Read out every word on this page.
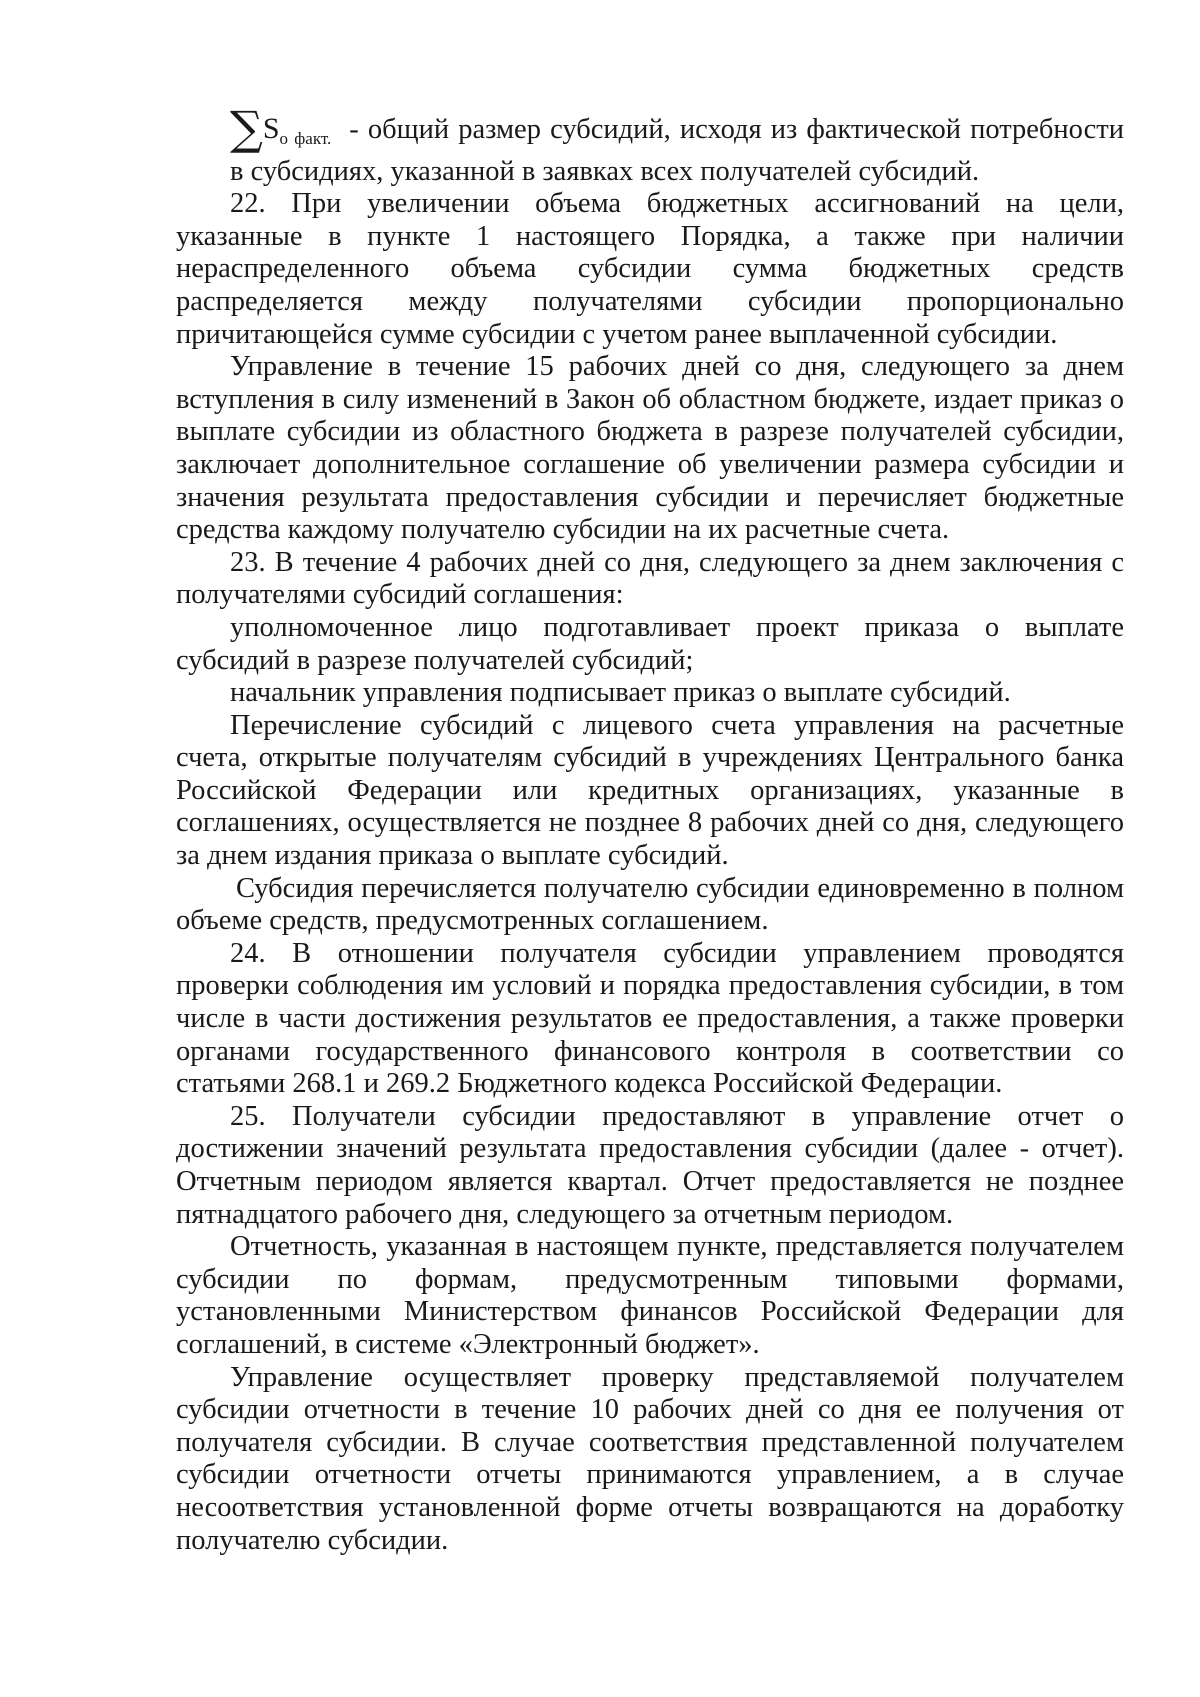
$\sum S_{о факт.}$ - общий размер субсидий, исходя из фактической потребности в субсидиях, указанной в заявках всех получателей субсидий.

22. При увеличении объема бюджетных ассигнований на цели, указанные в пункте 1 настоящего Порядка, а также при наличии нераспределенного объема субсидии сумма бюджетных средств распределяется между получателями субсидии пропорционально причитающейся сумме субсидии с учетом ранее выплаченной субсидии.

Управление в течение 15 рабочих дней со дня, следующего за днем вступления в силу изменений в Закон об областном бюджете, издает приказ о выплате субсидии из областного бюджета в разрезе получателей субсидии, заключает дополнительное соглашение об увеличении размера субсидии и значения результата предоставления субсидии и перечисляет бюджетные средства каждому получателю субсидии на их расчетные счета.

23. В течение 4 рабочих дней со дня, следующего за днем заключения с получателями субсидий соглашения:

уполномоченное лицо подготавливает проект приказа о выплате субсидий в разрезе получателей субсидий;

начальник управления подписывает приказ о выплате субсидий.

Перечисление субсидий с лицевого счета управления на расчетные счета, открытые получателям субсидий в учреждениях Центрального банка Российской Федерации или кредитных организациях, указанные в соглашениях, осуществляется не позднее 8 рабочих дней со дня, следующего за днем издания приказа о выплате субсидий.

Субсидия перечисляется получателю субсидии единовременно в полном объеме средств, предусмотренных соглашением.

24. В отношении получателя субсидии управлением проводятся проверки соблюдения им условий и порядка предоставления субсидии, в том числе в части достижения результатов ее предоставления, а также проверки органами государственного финансового контроля в соответствии со статьями 268.1 и 269.2 Бюджетного кодекса Российской Федерации.

25. Получатели субсидии предоставляют в управление отчет о достижении значений результата предоставления субсидии (далее - отчет). Отчетным периодом является квартал. Отчет предоставляется не позднее пятнадцатого рабочего дня, следующего за отчетным периодом.

Отчетность, указанная в настоящем пункте, представляется получателем субсидии по формам, предусмотренным типовыми формами, установленными Министерством финансов Российской Федерации для соглашений, в системе «Электронный бюджет».

Управление осуществляет проверку представляемой получателем субсидии отчетности в течение 10 рабочих дней со дня ее получения от получателя субсидии. В случае соответствия представленной получателем субсидии отчетности отчеты принимаются управлением, а в случае несоответствия установленной форме отчеты возвращаются на доработку получателю субсидии.
